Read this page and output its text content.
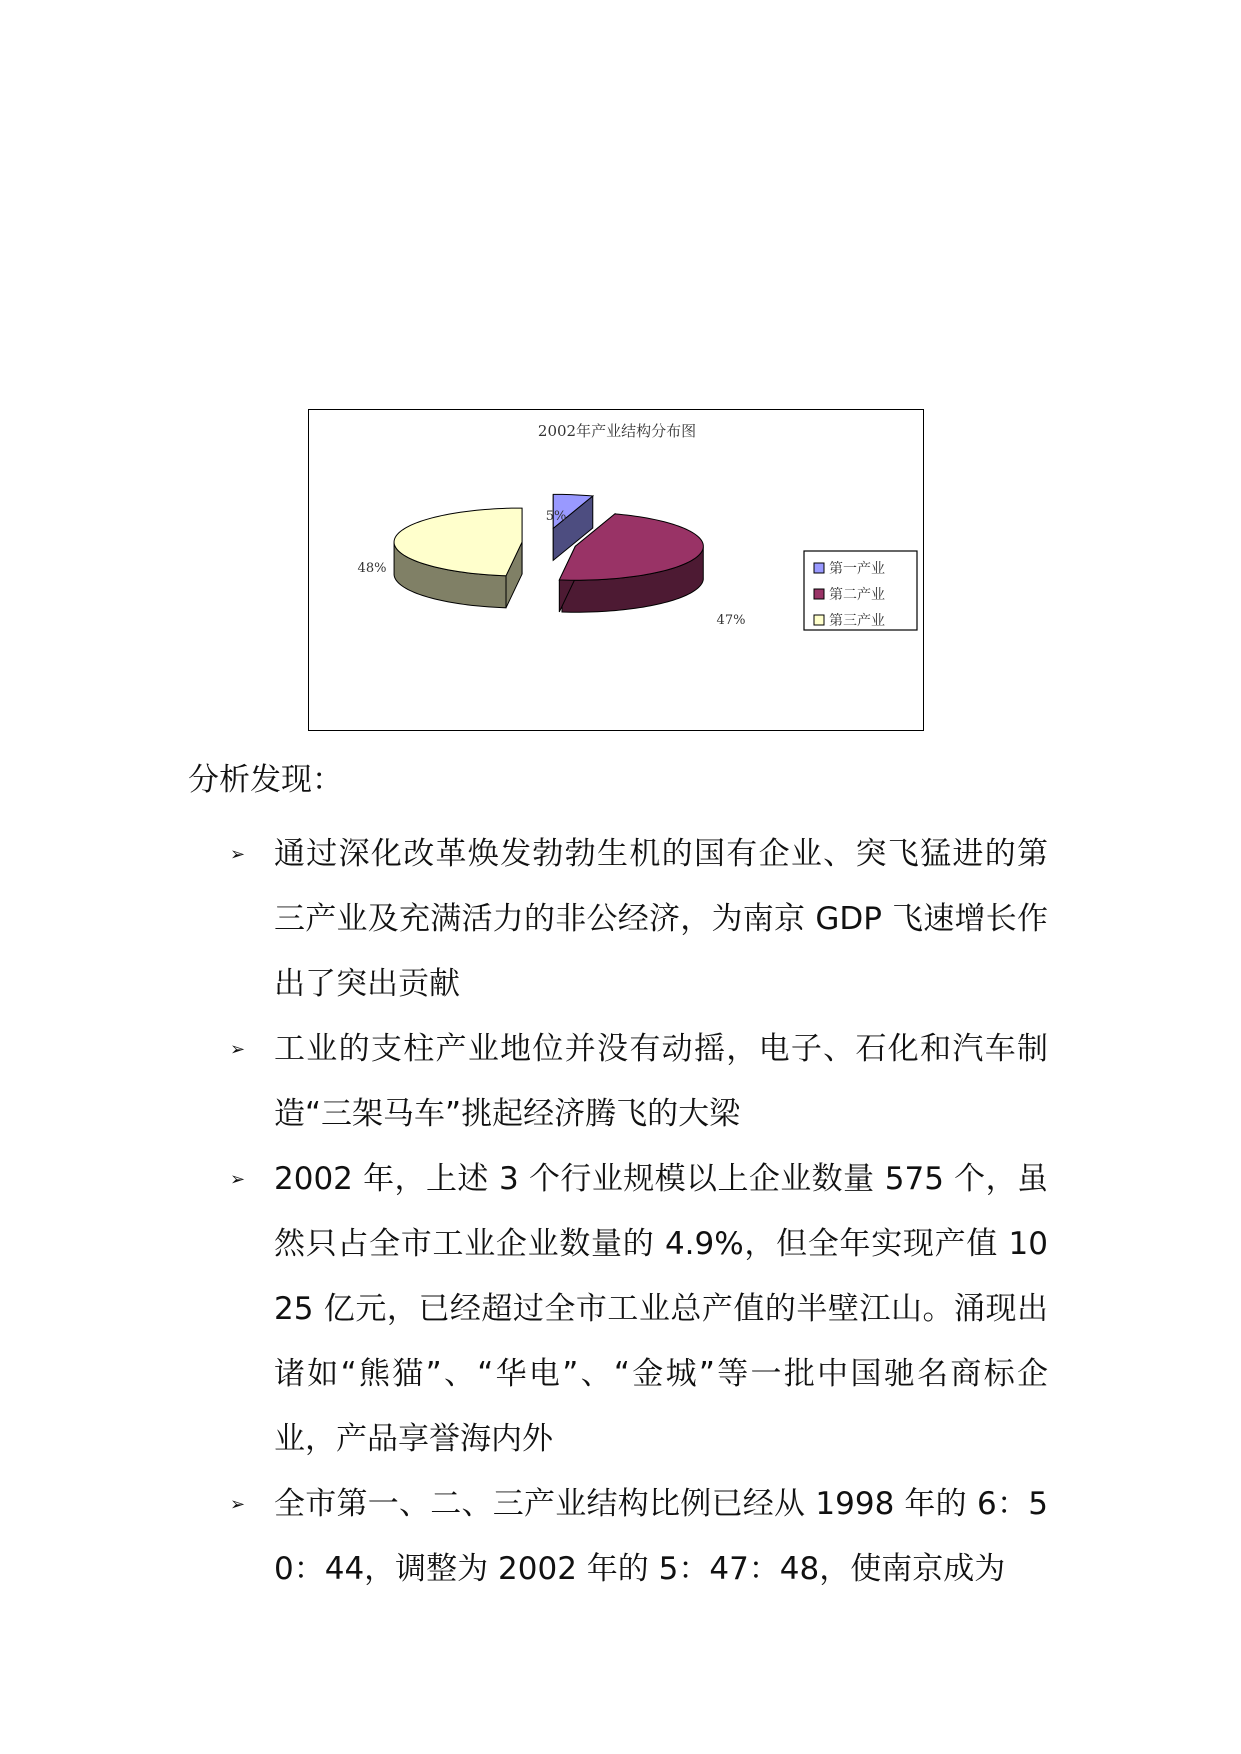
2002年产业结构分布图
5%
47%
48%	第一产业
第二产业
第三产业
分析发现：
➢ 通过深化改革焕发勃勃生机的国有企业、突飞猛进的第三产业及充满活力的非公经济，为南京 GDP 飞速增长作出了突出贡献
➢ 工业的支柱产业地位并没有动摇，电子、石化和汽车制造“三架马车”挑起经济腾飞的大梁
➢ 2002 年，上述 3 个行业规模以上企业数量 575 个，虽然只占全市工业企业数量的 4.9%，但全年实现产值 1025 亿元，已经超过全市工业总产值的半壁江山。涌现出诸如“熊猫”、“华电”、“金城”等一批中国驰名商标企业，产品享誉海内外
➢ 全市第一、二、三产业结构比例已经从 1998 年的 6：50：44，调整为 2002 年的 5：47：48，使南京成为
